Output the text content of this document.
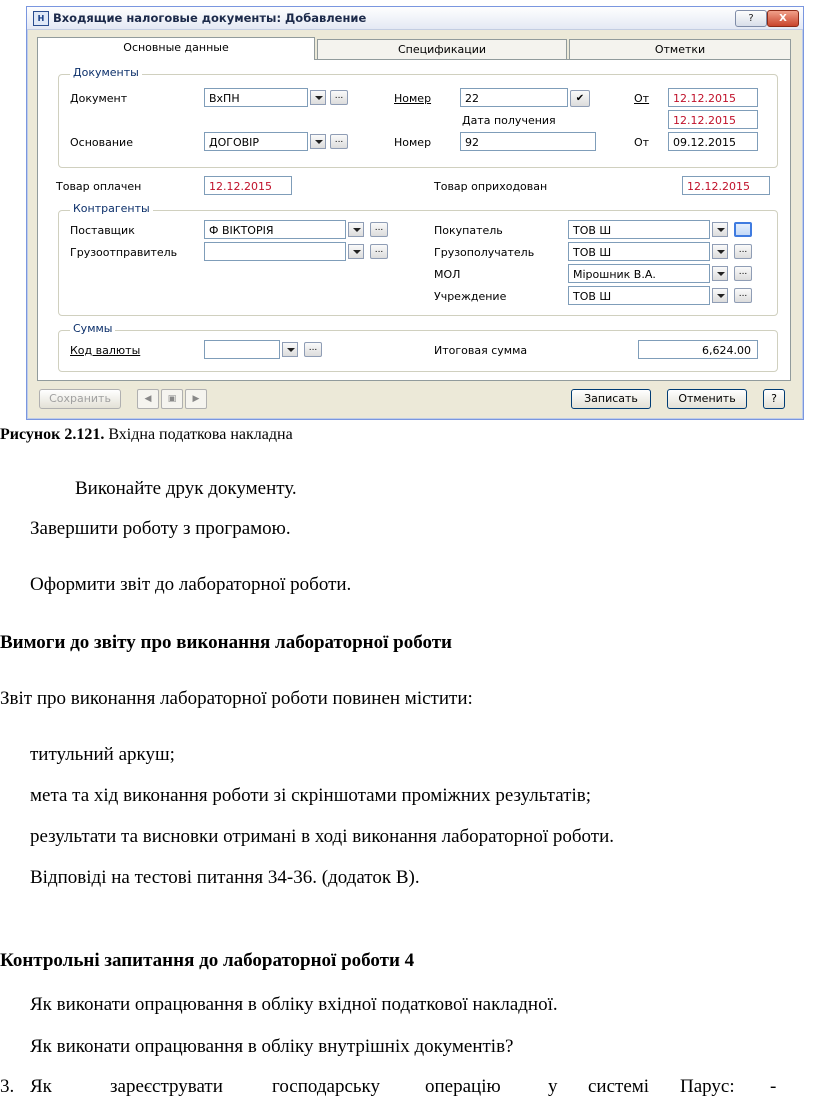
Н Входящие налоговые документы: Добавление	?	X
Основные данные	Спецификации	Отметки
Документы
Документ	ВхПН	...	Номер	22	✔	От	12.12.2015
Дата получения	12.12.2015
Основание	ДОГОВІР	...	Номер	92	От	09.12.2015
Товар оплачен	12.12.2015	Товар оприходован	12.12.2015
Контрагенты
Поставщик	Ф ВІКТОРІЯ	...
Грузоотправитель	...
Покупатель	ТОВ Ш
Грузополучатель	ТОВ Ш	...
МОЛ	Мірошник В.А.	...
Учреждение	ТОВ Ш	...
Суммы
Код валюты	...	Итоговая сумма	6,624.00
Сохранить	◀	▣	▶	Записать	Отменить	?
Рисунок 2.121. Вхідна податкова накладна
Виконайте друк документу.
Завершити роботу з програмою.
Оформити звіт до лабораторної роботи.
Вимоги до звіту про виконання лабораторної роботи
Звіт про виконання лабораторної роботи повинен містити:
титульний аркуш;
мета та хід виконання роботи зі скріншотами проміжних результатів;
результати та висновки отримані в ході виконання лабораторної роботи.
Відповіді на тестові питання 34-36. (додаток В).
Контрольні запитання до лабораторної роботи 4
Як виконати опрацювання в обліку вхідної податкової накладної.
Як виконати опрацювання в обліку внутрішніх документів?
3. Як	зареєструвати	господарську операцію у системі Парус: -
